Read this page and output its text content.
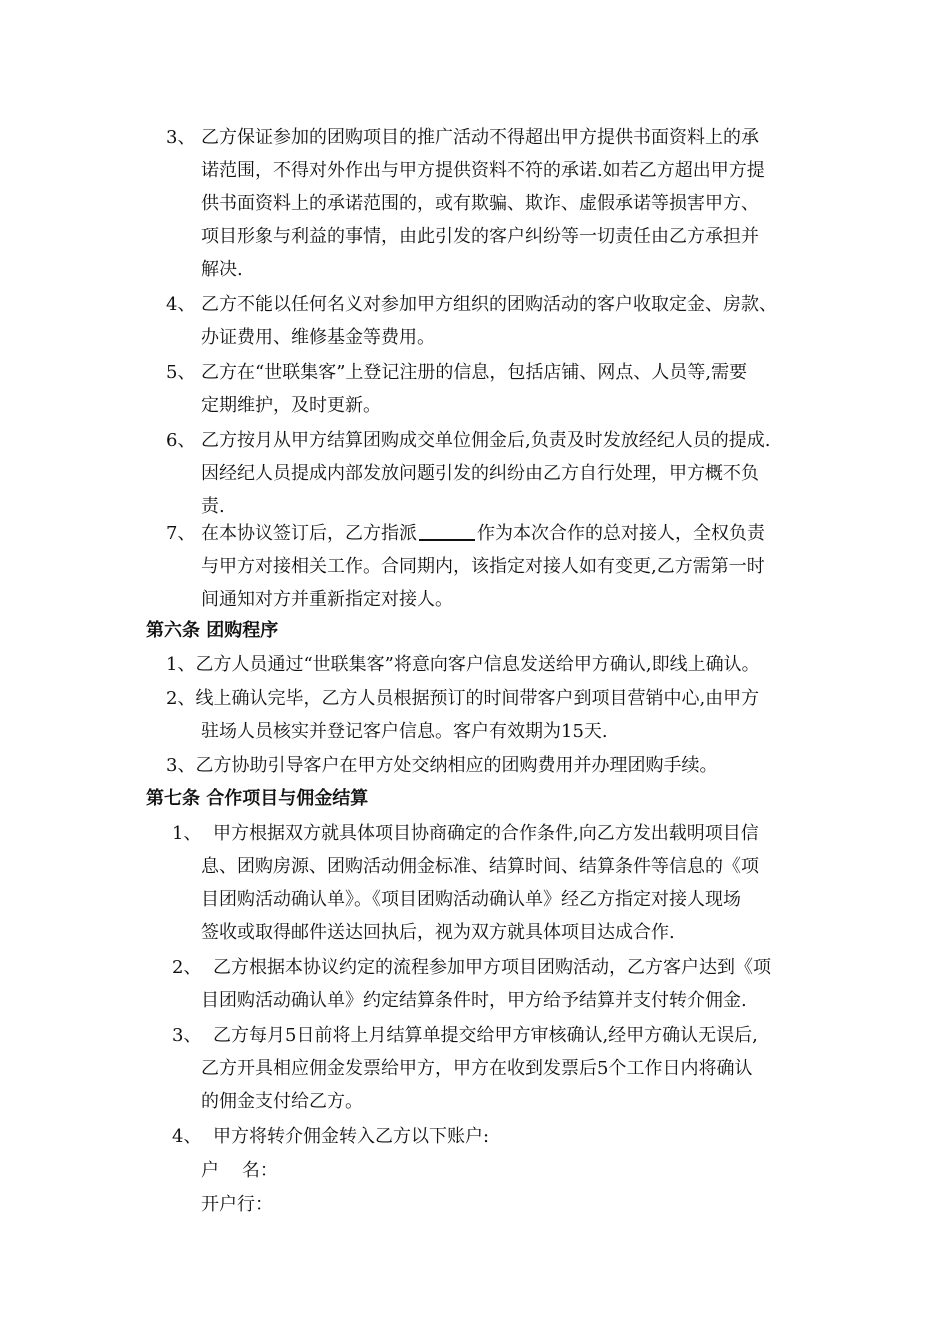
3、 乙方保证参加的团购项目的推广活动不得超出甲方提供书面资料上的承
诺范围，不得对外作出与甲方提供资料不符的承诺.如若乙方超出甲方提
供书面资料上的承诺范围的，或有欺骗、欺诈、虚假承诺等损害甲方、
项目形象与利益的事情，由此引发的客户纠纷等一切责任由乙方承担并
解决.
4、 乙方不能以任何名义对参加甲方组织的团购活动的客户收取定金、房款、
办证费用、维修基金等费用。
5、 乙方在“世联集客”上登记注册的信息，包括店铺、网点、人员等,需要
定期维护，及时更新。
6、 乙方按月从甲方结算团购成交单位佣金后,负责及时发放经纪人员的提成.
因经纪人员提成内部发放问题引发的纠纷由乙方自行处理，甲方概不负
责.
7、 在本协议签订后，乙方指派	作为本次合作的总对接人，全权负责
与甲方对接相关工作。合同期内，该指定对接人如有变更,乙方需第一时
间通知对方并重新指定对接人。
第六条 团购程序
1、乙方人员通过“世联集客”将意向客户信息发送给甲方确认,即线上确认。
2、线上确认完毕，乙方人员根据预订的时间带客户到项目营销中心,由甲方
驻场人员核实并登记客户信息。客户有效期为15天.
3、乙方协助引导客户在甲方处交纳相应的团购费用并办理团购手续。
第七条 合作项目与佣金结算
1、 甲方根据双方就具体项目协商确定的合作条件,向乙方发出载明项目信
息、团购房源、团购活动佣金标准、结算时间、结算条件等信息的《项
目团购活动确认单》。《项目团购活动确认单》经乙方指定对接人现场
签收或取得邮件送达回执后，视为双方就具体项目达成合作.
2、 乙方根据本协议约定的流程参加甲方项目团购活动，乙方客户达到《项
目团购活动确认单》约定结算条件时，甲方给予结算并支付转介佣金.
3、 乙方每月5日前将上月结算单提交给甲方审核确认,经甲方确认无误后,
乙方开具相应佣金发票给甲方，甲方在收到发票后5个工作日内将确认
的佣金支付给乙方。
4、 甲方将转介佣金转入乙方以下账户:
户    名：
开户行：
